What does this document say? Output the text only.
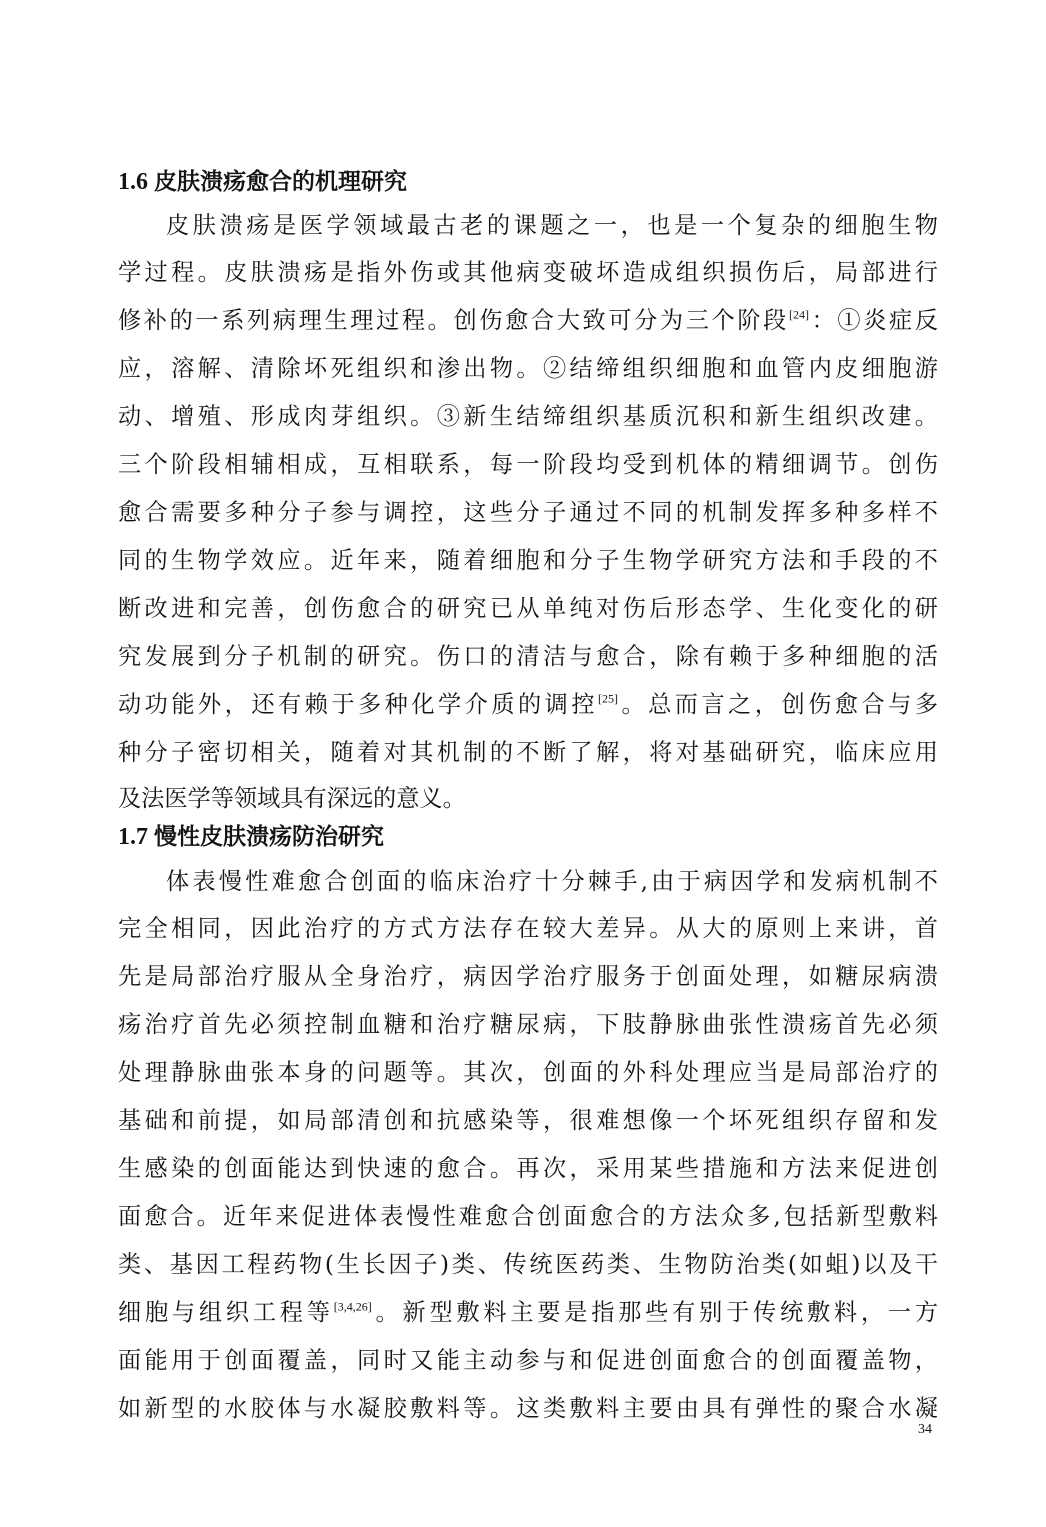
1.6 皮肤溃疡愈合的机理研究

皮肤溃疡是医学领域最古老的课题之一，也是一个复杂的细胞生物

学过程。皮肤溃疡是指外伤或其他病变破坏造成组织损伤后，局部进行

修补的一系列病理生理过程。创伤愈合大致可分为三个阶段[24]：①炎症反

应，溶解、清除坏死组织和渗出物。②结缔组织细胞和血管内皮细胞游

动、增殖、形成肉芽组织。③新生结缔组织基质沉积和新生组织改建。

三个阶段相辅相成，互相联系，每一阶段均受到机体的精细调节。创伤

愈合需要多种分子参与调控，这些分子通过不同的机制发挥多种多样不

同的生物学效应。近年来，随着细胞和分子生物学研究方法和手段的不

断改进和完善，创伤愈合的研究已从单纯对伤后形态学、生化变化的研

究发展到分子机制的研究。伤口的清洁与愈合，除有赖于多种细胞的活

动功能外，还有赖于多种化学介质的调控[25]。总而言之，创伤愈合与多

种分子密切相关，随着对其机制的不断了解，将对基础研究，临床应用

及法医学等领域具有深远的意义。

1.7 慢性皮肤溃疡防治研究

体表慢性难愈合创面的临床治疗十分棘手,由于病因学和发病机制不

完全相同，因此治疗的方式方法存在较大差异。从大的原则上来讲，首

先是局部治疗服从全身治疗，病因学治疗服务于创面处理，如糖尿病溃

疡治疗首先必须控制血糖和治疗糖尿病，下肢静脉曲张性溃疡首先必须

处理静脉曲张本身的问题等。其次，创面的外科处理应当是局部治疗的

基础和前提，如局部清创和抗感染等，很难想像一个坏死组织存留和发

生感染的创面能达到快速的愈合。再次，采用某些措施和方法来促进创

面愈合。近年来促进体表慢性难愈合创面愈合的方法众多,包括新型敷料

类、基因工程药物(生长因子)类、传统医药类、生物防治类(如蛆)以及干

细胞与组织工程等[3,4,26]。新型敷料主要是指那些有别于传统敷料，一方

面能用于创面覆盖，同时又能主动参与和促进创面愈合的创面覆盖物，

如新型的水胶体与水凝胶敷料等。这类敷料主要由具有弹性的聚合水凝

34
